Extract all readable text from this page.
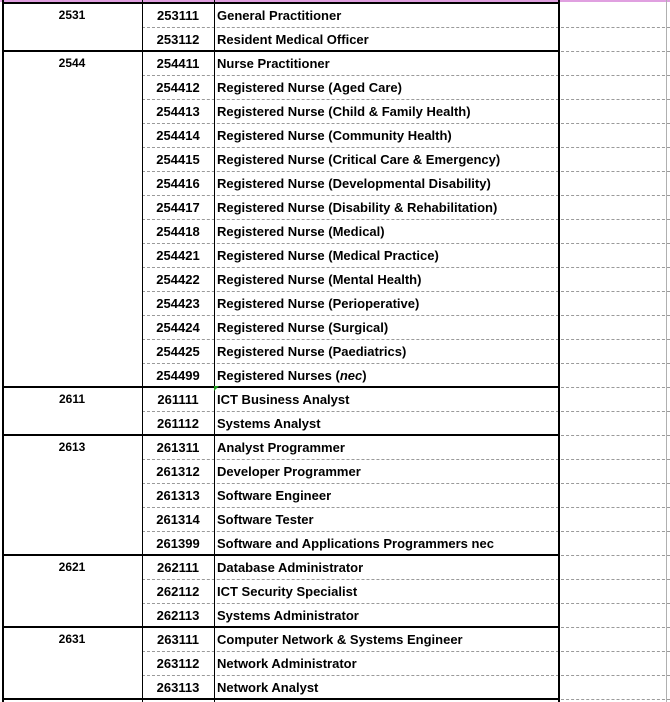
2531	253111	General Practitioner
253112	Resident Medical Officer
2544	254411	Nurse Practitioner
254412	Registered Nurse (Aged Care)
254413	Registered Nurse (Child & Family Health)
254414	Registered Nurse (Community Health)
254415	Registered Nurse (Critical Care & Emergency)
254416	Registered Nurse (Developmental Disability)
254417	Registered Nurse (Disability & Rehabilitation)
254418	Registered Nurse (Medical)
254421	Registered Nurse (Medical Practice)
254422	Registered Nurse (Mental Health)
254423	Registered Nurse (Perioperative)
254424	Registered Nurse (Surgical)
254425	Registered Nurse (Paediatrics)
254499	Registered Nurses (nec)
2611	261111	ICT Business Analyst
261112	Systems Analyst
2613	261311	Analyst Programmer
261312	Developer Programmer
261313	Software Engineer
261314	Software Tester
261399	Software and Applications Programmers nec
2621	262111	Database Administrator
262112	ICT Security Specialist
262113	Systems Administrator
2631	263111	Computer Network & Systems Engineer
263112	Network Administrator
263113	Network Analyst
